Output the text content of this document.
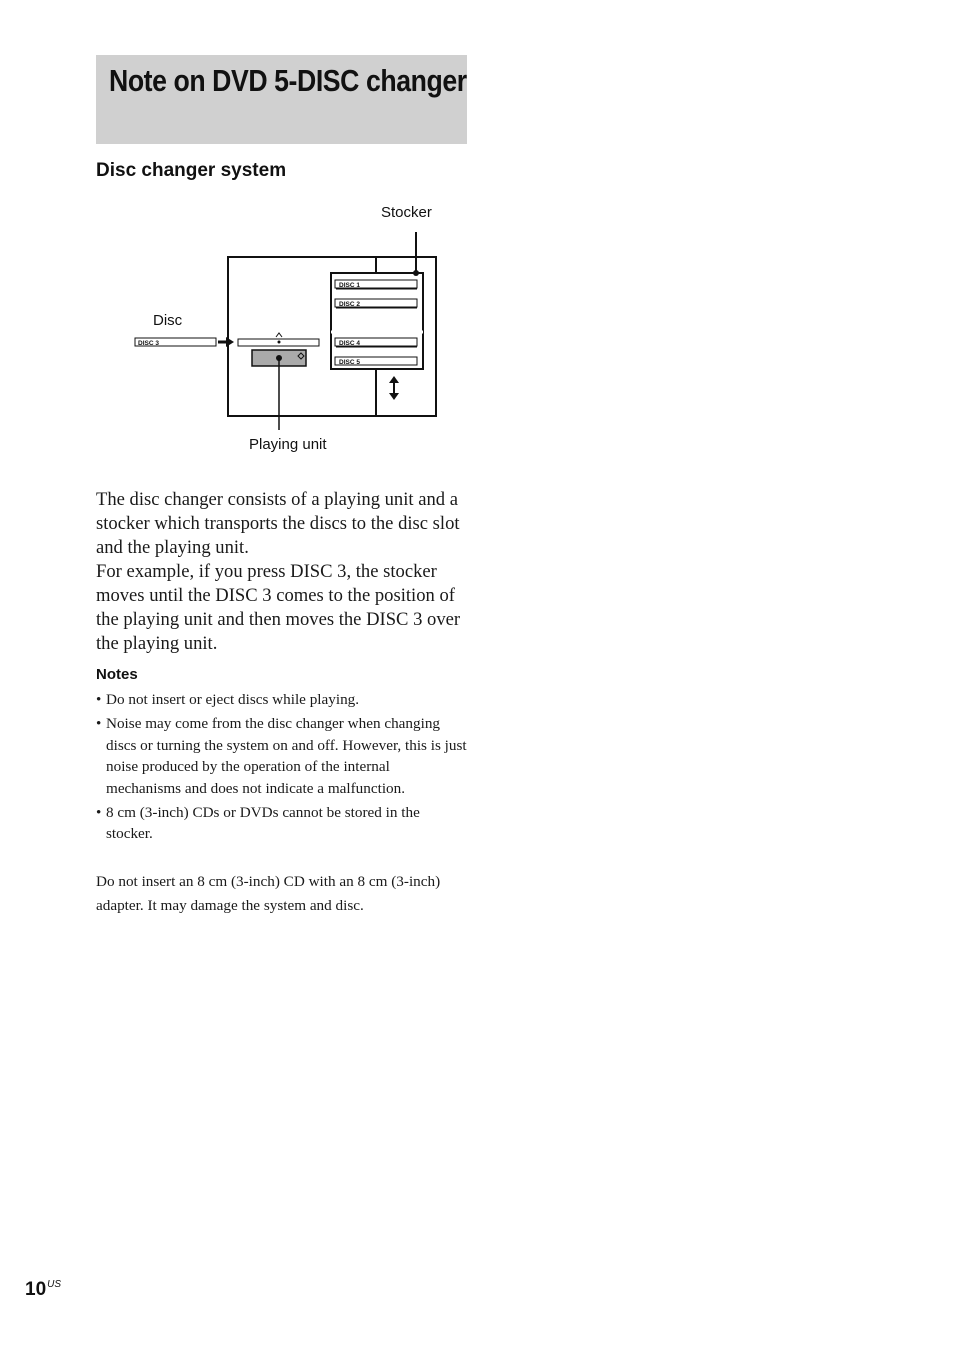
Note on DVD 5-DISC changer
Disc changer system
Stocker
DISC 1
DISC 2
DISC 4
DISC 5
Disc
DISC 3
Playing unit

The disc changer consists of a playing unit and a stocker which transports the discs to the disc slot and the playing unit.

For example, if you press DISC 3, the stocker moves until the DISC 3 comes to the position of the playing unit and then moves the DISC 3 over the playing unit.

Notes
• Do not insert or eject discs while playing.
• Noise may come from the disc changer when changing discs or turning the system on and off. However, this is just noise produced by the operation of the internal mechanisms and does not indicate a malfunction.
• 8 cm (3-inch) CDs or DVDs cannot be stored in the stocker.

Do not insert an 8 cm (3-inch) CD with an 8 cm (3-inch) adapter. It may damage the system and disc.

$10^{US}$
